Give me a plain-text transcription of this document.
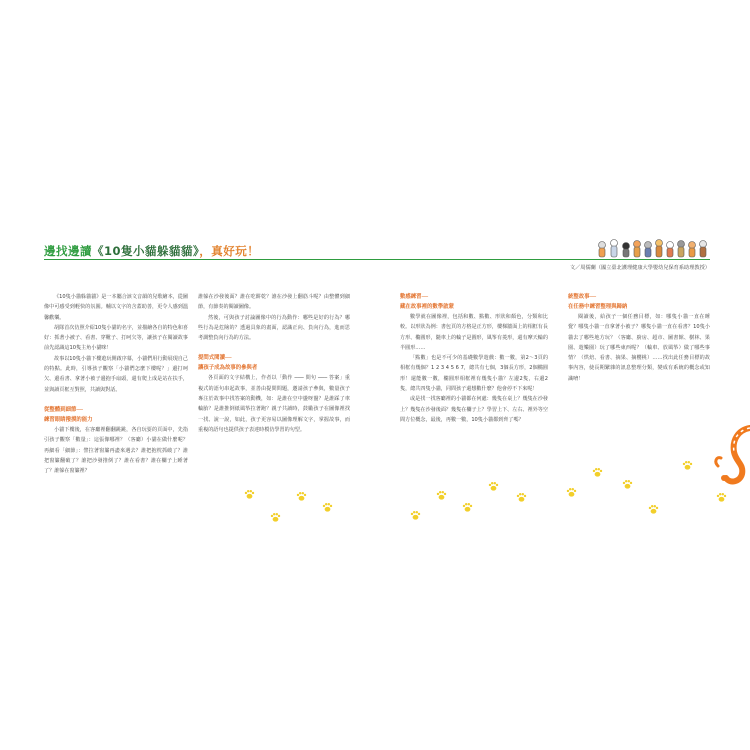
邊找邊讀《10隻小貓躲貓貓》，真好玩！
文／周儒蘭（國立臺北護理健康大學嬰幼兒保育系助理教授）

《10隻小貓躲貓貓》是一本屬合該文音韻的兒歌繪本，從圖像中可感受到輕快的氛圍。輔以文字的含蓋助善，更令人感到溫馨歡樂。

胡隊首次仿照介紹10隻小貓的名字，並描繪各自的特色和喜好：抓著小被子、看書、穿靴子、打呵欠等，讓孩子在閱讀故事前先認識這10隻主角小貓咪！

故事以10隻小貓下樓遊玩開啟序幕，小貓們用行動展現自己的特點。此時，引導孩子觀察「小貓們怎麼下樓呢？」邊打呵欠、邊看書、拿著小被子邊抱手扇頭，還有爬上成是站在扶手，並與讀頁框互對照，共讀與對話。

從整體到細節──
練習眼睛撥摸的能力

小貓下樓後，在客廳裡翻翻跳跳，各自玩耍的頁面中，先指引孩子觀察「數量」：這張像哪裡？（客廳）小貓在做什麼呢？再細看「細節」：譬拉著窗簾再盡來遇去？誰把抱枕抓破了？誰把窗簾翻破了？誰把沙發推倒了？誰在看書？誰在欄子上睡著了？誰躲在窗簾裡？

誰躲在沙發後面？誰在吃餅乾？誰在沙發上翻筋斗呢？由整體到細節，有節奏的閱讀圖像。

然後，可與孩子討論圖像中的行為動作：哪些是好的行為？哪些行為是危險的？透過具象的畫面，認識正向、負向行為，進而思考調整負向行為的方法。

提問式閱讀──
讓孩子成為故事的參與者

各頁面的文字結構上，作者以「動作 ─── 問句 ─── 答案」重複式的語句串起故事，並善由提問問題，邀請孩子參與，數量孩子專注於故事中找答案的動機，如：是誰在空中盪呀盪？是誰踩了車輪胎？是誰推倒紙風筝拉著跑？親子共讀時，鼓勵孩子在圖像裡找一找、說一說，如此，孩子更容易以圖像理解文字，掌握故事，而重複的語句也提供孩子表達時模仿學習的句型。

數感練習──
藏在故事裡的數學啟蒙

數學就在圖像裡，包括和數、點數、形狀和顏色，分類和比較。以形狀為例：書包頁的方格是正方形，樓梯牆面上的相框有長方形、橢圓形，隨車上的輪子是圓形，風筝有菱形，還有摩天輪的半圓形……

「點數」也是不可少的基礎數學遊戲：數一數，第2～3頁的相框有幾個？1 2 3 4 5 6 7，總共有七個，3個長方形，2個橢圓形！還能數一數，橢圓形相框裡有幾隻小貓？左邊2隻，右邊2隻，總共四隻小貓，同問孩子還想數什麼？他會停不下來呢！

或是找一找客廳裡的小貓都在何處：幾隻在桌上？幾隻在沙發上？幾隻在沙發後面？幾隻在欄子上？學習上下、左右、裡外等空間方位概念，最後，再數一數，10隻小貓都到齊了嗎？

統整故事──
在任務中練習整理與歸納

閱讀後，給孩子一個任務目標，如：哪隻小貓一直在睡覺？哪隻小貓一直拿著小被子？哪隻小貓一直在看書？10隻小貓去了哪些地方玩？（客廳、廚房、超市、圖書館、樹林、果園、遊樂園）玩了哪些東西呢？（輪車、放風筝）做了哪些事情？（烘焙、看書、摘果、摘櫻桃）……找出此任務目標的故事內容，使長期繁雜的訊息整理分類，變成有系統的概念或知識唷！
